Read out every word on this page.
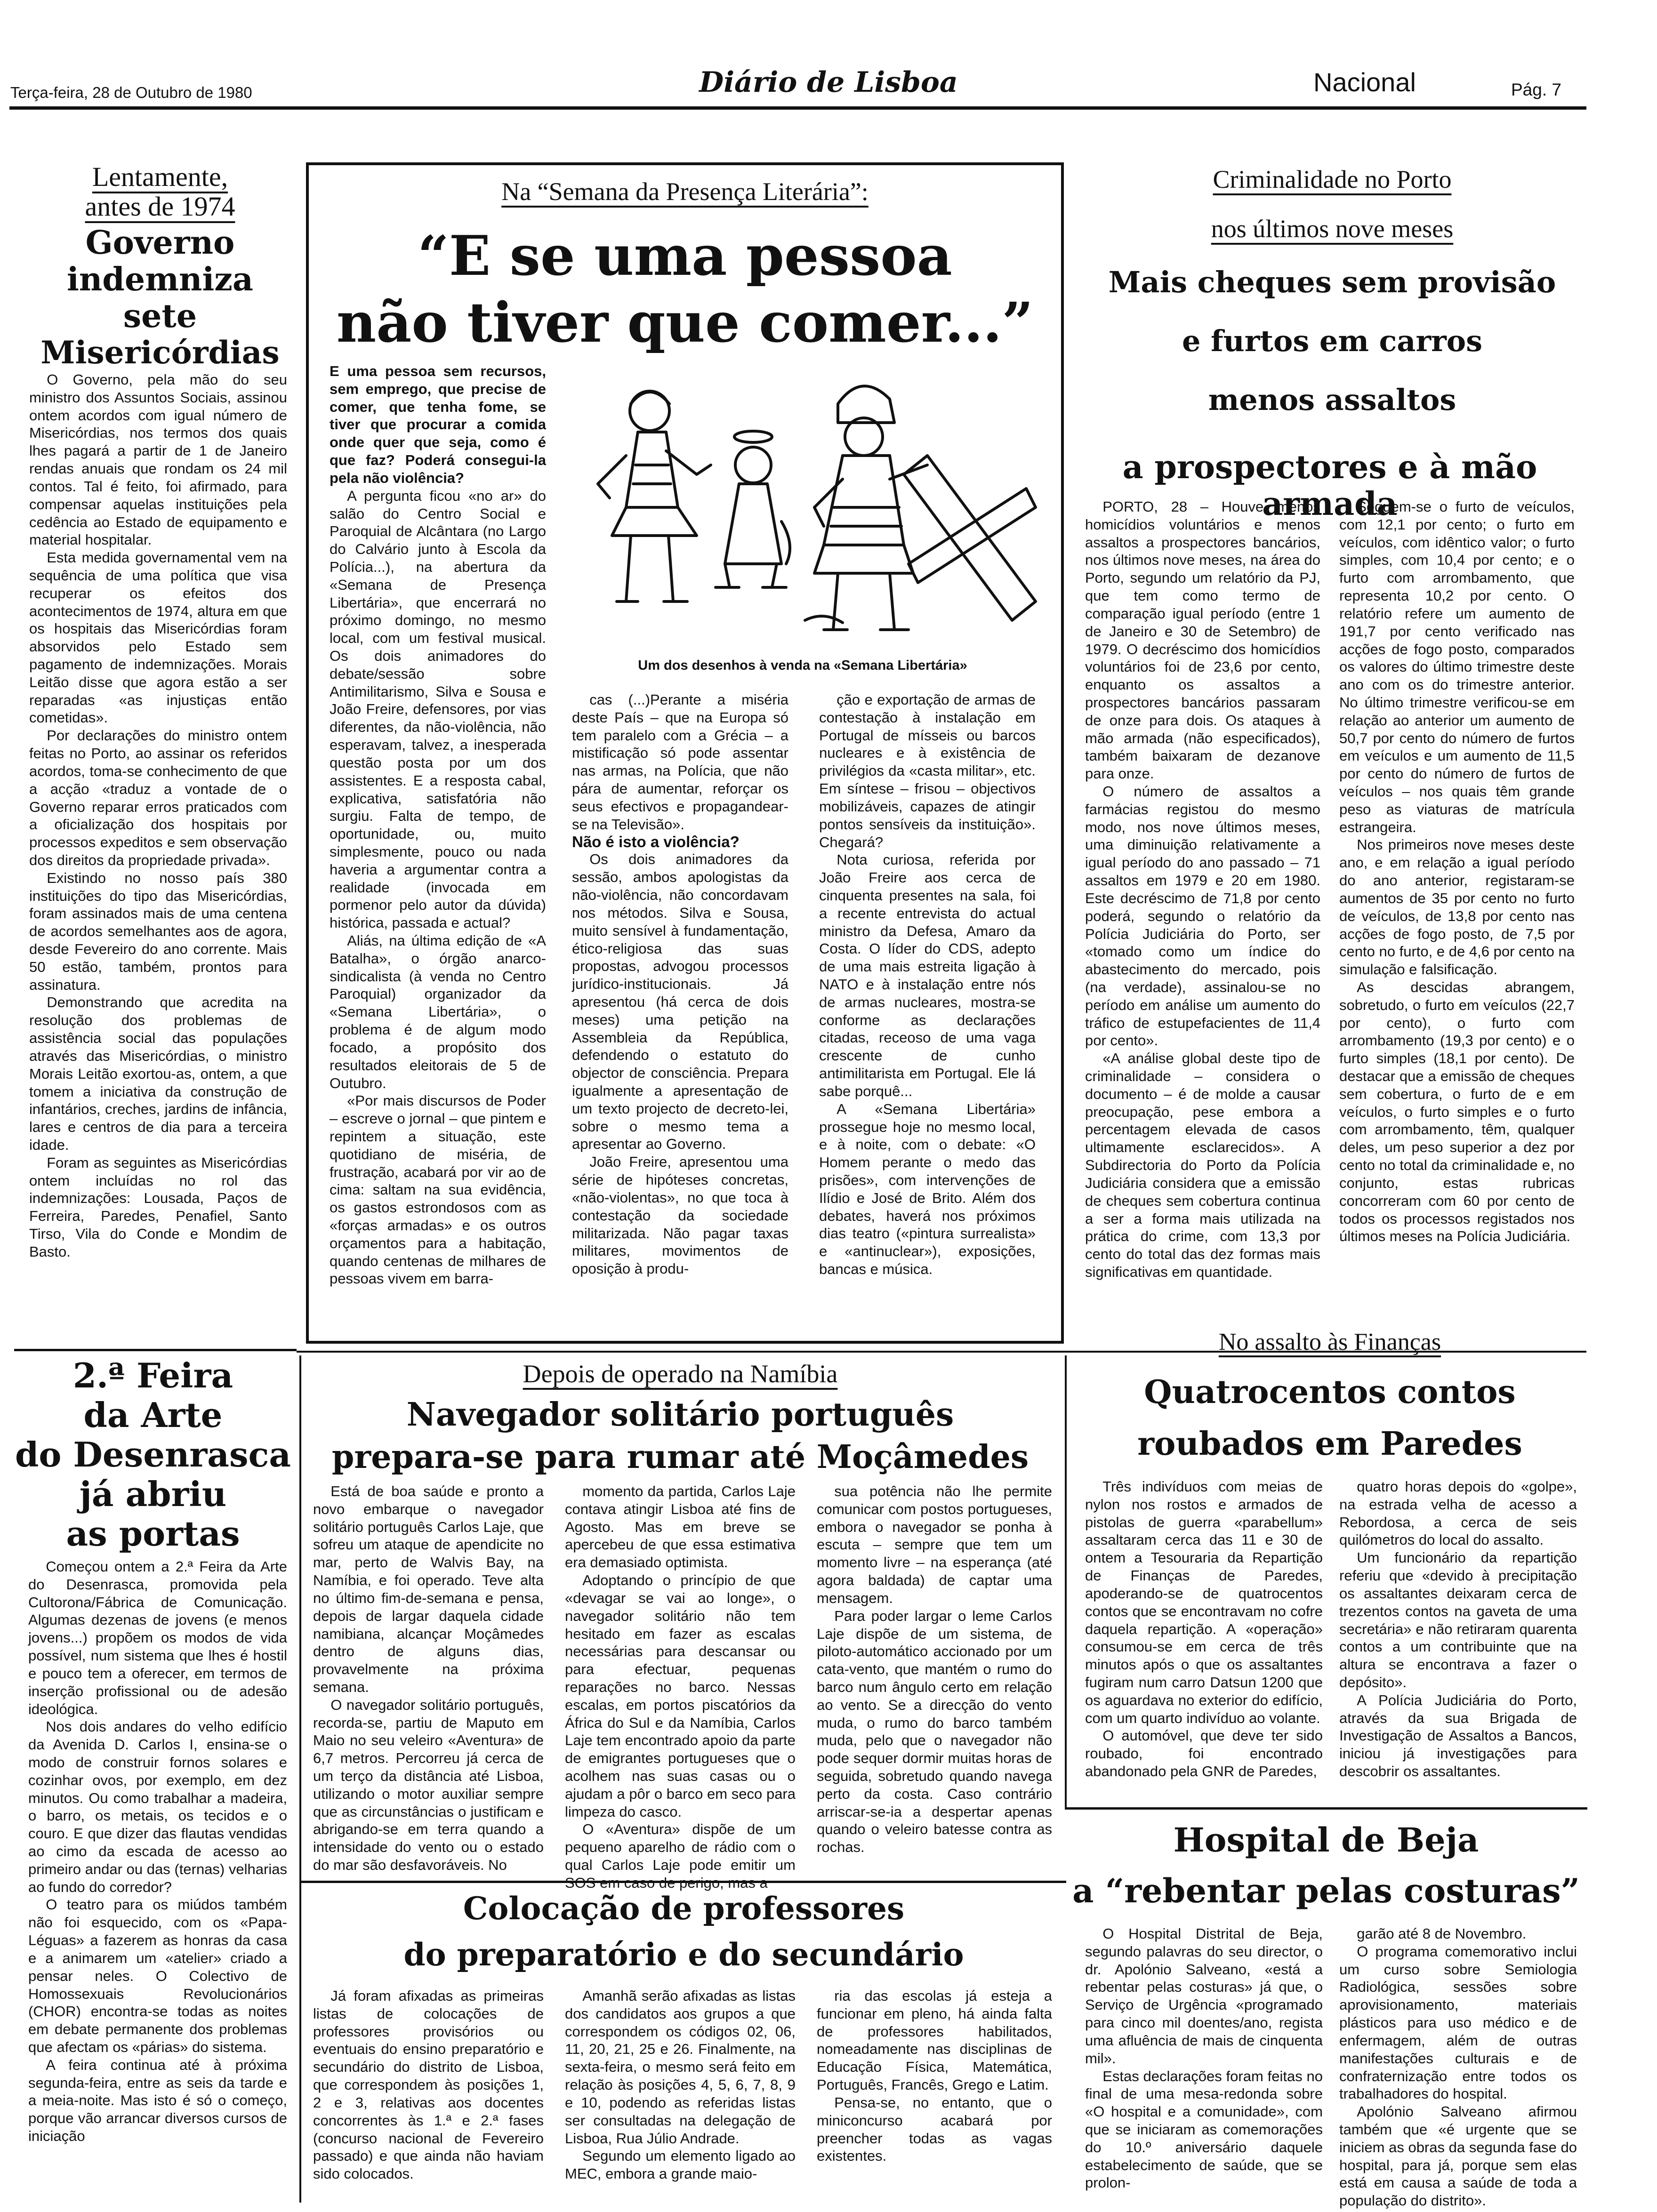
Terça-feira, 28 de Outubro de 1980	Diário de Lisboa	Nacional	Pág. 7
Lentamente,
antes de 1974
Governo
indemniza
sete
Misericórdias

O Governo, pela mão do seu ministro dos Assuntos Sociais, assinou ontem acordos com igual número de Misericórdias, nos termos dos quais lhes pagará a partir de 1 de Janeiro rendas anuais que rondam os 24 mil contos. Tal é feito, foi afirmado, para compensar aquelas instituições pela cedência ao Estado de equipamento e material hospitalar.

Esta medida governamental vem na sequência de uma política que visa recuperar os efeitos dos acontecimentos de 1974, altura em que os hospitais das Misericórdias foram absorvidos pelo Estado sem pagamento de indemnizações. Morais Leitão disse que agora estão a ser reparadas «as injustiças então cometidas».

Por declarações do ministro ontem feitas no Porto, ao assinar os referidos acordos, toma-se conhecimento de que a acção «traduz a vontade de o Governo reparar erros praticados com a oficialização dos hospitais por processos expeditos e sem observação dos direitos da propriedade privada».

Existindo no nosso país 380 instituições do tipo das Misericórdias, foram assinados mais de uma centena de acordos semelhantes aos de agora, desde Fevereiro do ano corrente. Mais 50 estão, também, prontos para assinatura.

Demonstrando que acredita na resolução dos problemas de assistência social das populações através das Misericórdias, o ministro Morais Leitão exortou-as, ontem, a que tomem a iniciativa da construção de infantários, creches, jardins de infância, lares e centros de dia para a terceira idade.

Foram as seguintes as Misericórdias ontem incluídas no rol das indemnizações: Lousada, Paços de Ferreira, Paredes, Penafiel, Santo Tirso, Vila do Conde e Mondim de Basto.

Na “Semana da Presença Literária”:
“E se uma pessoa
não tiver que comer...”

E uma pessoa sem recursos, sem emprego, que precise de comer, que tenha fome, se tiver que procurar a comida onde quer que seja, como é que faz? Poderá consegui-la pela não violência?

A pergunta ficou «no ar» do salão do Centro Social e Paroquial de Alcântara (no Largo do Calvário junto à Escola da Polícia...), na abertura da «Semana de Presença Libertária», que encerrará no próximo domingo, no mesmo local, com um festival musical. Os dois animadores do debate/sessão sobre Antimilitarismo, Silva e Sousa e João Freire, defensores, por vias diferentes, da não-violência, não esperavam, talvez, a inesperada questão posta por um dos assistentes. E a resposta cabal, explicativa, satisfatória não surgiu. Falta de tempo, de oportunidade, ou, muito simplesmente, pouco ou nada haveria a argumentar contra a realidade (invocada em pormenor pelo autor da dúvida) histórica, passada e actual?

Aliás, na última edição de «A Batalha», o órgão anarco-sindicalista (à venda no Centro Paroquial) organizador da «Semana Libertária», o problema é de algum modo focado, a propósito dos resultados eleitorais de 5 de Outubro.

«Por mais discursos de Poder – escreve o jornal – que pintem e repintem a situação, este quotidiano de miséria, de frustração, acabará por vir ao de cima: saltam na sua evidência, os gastos estrondosos com as «forças armadas» e os outros orçamentos para a habitação, quando centenas de milhares de pessoas vivem em barra-

Um dos desenhos à venda na «Semana Libertária»

cas (...)Perante a miséria deste País – que na Europa só tem paralelo com a Grécia – a mistificação só pode assentar nas armas, na Polícia, que não pára de aumentar, reforçar os seus efectivos e propagandear-se na Televisão».

Não é isto a violência?

Os dois animadores da sessão, ambos apologistas da não-violência, não concordavam nos métodos. Silva e Sousa, muito sensível à fundamentação, ético-religiosa das suas propostas, advogou processos jurídico-institucionais. Já apresentou (há cerca de dois meses) uma petição na Assembleia da República, defendendo o estatuto do objector de consciência. Prepara igualmente a apresentação de um texto projecto de decreto-lei, sobre o mesmo tema a apresentar ao Governo.

João Freire, apresentou uma série de hipóteses concretas, «não-violentas», no que toca à contestação da sociedade militarizada. Não pagar taxas militares, movimentos de oposição à produ-

ção e exportação de armas de contestação à instalação em Portugal de mísseis ou barcos nucleares e à existência de privilégios da «casta militar», etc. Em síntese – frisou – objectivos mobilizáveis, capazes de atingir pontos sensíveis da instituição». Chegará?

Nota curiosa, referida por João Freire aos cerca de cinquenta presentes na sala, foi a recente entrevista do actual ministro da Defesa, Amaro da Costa. O líder do CDS, adepto de uma mais estreita ligação à NATO e à instalação entre nós de armas nucleares, mostra-se conforme as declarações citadas, receoso de uma vaga crescente de cunho antimilitarista em Portugal. Ele lá sabe porquê...

A «Semana Libertária» prossegue hoje no mesmo local, e à noite, com o debate: «O Homem perante o medo das prisões», com intervenções de Ilídio e José de Brito. Além dos debates, haverá nos próximos dias teatro («pintura surrealista» e «antinuclear»), exposições, bancas e música.

Criminalidade no Porto
nos últimos nove meses
Mais cheques sem provisão
e furtos em carros
menos assaltos
a prospectores e à mão armada

PORTO, 28 – Houve menos homicídios voluntários e menos assaltos a prospectores bancários, nos últimos nove meses, na área do Porto, segundo um relatório da PJ, que tem como termo de comparação igual período (entre 1 de Janeiro e 30 de Setembro) de 1979. O decréscimo dos homicídios voluntários foi de 23,6 por cento, enquanto os assaltos a prospectores bancários passaram de onze para dois. Os ataques à mão armada (não especificados), também baixaram de dezanove para onze.

O número de assaltos a farmácias registou do mesmo modo, nos nove últimos meses, uma diminuição relativamente a igual período do ano passado – 71 assaltos em 1979 e 20 em 1980. Este decréscimo de 71,8 por cento poderá, segundo o relatório da Polícia Judiciária do Porto, ser «tomado como um índice do abastecimento do mercado, pois (na verdade), assinalou-se no período em análise um aumento do tráfico de estupefacientes de 11,4 por cento».

«A análise global deste tipo de criminalidade – considera o documento – é de molde a causar preocupação, pese embora a percentagem elevada de casos ultimamente esclarecidos». A Subdirectoria do Porto da Polícia Judiciária considera que a emissão de cheques sem cobertura continua a ser a forma mais utilizada na prática do crime, com 13,3 por cento do total das dez formas mais significativas em quantidade.

Seguem-se o furto de veículos, com 12,1 por cento; o furto em veículos, com idêntico valor; o furto simples, com 10,4 por cento; e o furto com arrombamento, que representa 10,2 por cento. O relatório refere um aumento de 191,7 por cento verificado nas acções de fogo posto, comparados os valores do último trimestre deste ano com os do trimestre anterior. No último trimestre verificou-se em relação ao anterior um aumento de 50,7 por cento do número de furtos em veículos e um aumento de 11,5 por cento do número de furtos de veículos – nos quais têm grande peso as viaturas de matrícula estrangeira.

Nos primeiros nove meses deste ano, e em relação a igual período do ano anterior, registaram-se aumentos de 35 por cento no furto de veículos, de 13,8 por cento nas acções de fogo posto, de 7,5 por cento no furto, e de 4,6 por cento na simulação e falsificação.

As descidas abrangem, sobretudo, o furto em veículos (22,7 por cento), o furto com arrombamento (19,3 por cento) e o furto simples (18,1 por cento). De destacar que a emissão de cheques sem cobertura, o furto de e em veículos, o furto simples e o furto com arrombamento, têm, qualquer deles, um peso superior a dez por cento no total da criminalidade e, no conjunto, estas rubricas concorreram com 60 por cento de todos os processos registados nos últimos meses na Polícia Judiciária.

2.ª Feira
da Arte
do Desenrasca
já abriu
as portas

Começou ontem a 2.ª Feira da Arte do Desenrasca, promovida pela Cultorona/Fábrica de Comunicação. Algumas dezenas de jovens (e menos jovens...) propõem os modos de vida possível, num sistema que lhes é hostil e pouco tem a oferecer, em termos de inserção profissional ou de adesão ideológica.

Nos dois andares do velho edifício da Avenida D. Carlos I, ensina-se o modo de construir fornos solares e cozinhar ovos, por exemplo, em dez minutos. Ou como trabalhar a madeira, o barro, os metais, os tecidos e o couro. E que dizer das flautas vendidas ao cimo da escada de acesso ao primeiro andar ou das (ternas) velharias ao fundo do corredor?

O teatro para os miúdos também não foi esquecido, com os «Papa-Léguas» a fazerem as honras da casa e a animarem um «atelier» criado a pensar neles. O Colectivo de Homossexuais Revolucionários (CHOR) encontra-se todas as noites em debate permanente dos problemas que afectam os «párias» do sistema.

A feira continua até à próxima segunda-feira, entre as seis da tarde e a meia-noite. Mas isto é só o começo, porque vão arrancar diversos cursos de iniciação

Depois de operado na Namíbia
Navegador solitário português
prepara-se para rumar até Moçâmedes

Está de boa saúde e pronto a novo embarque o navegador solitário português Carlos Laje, que sofreu um ataque de apendicite no mar, perto de Walvis Bay, na Namíbia, e foi operado. Teve alta no último fim-de-semana e pensa, depois de largar daquela cidade namibiana, alcançar Moçâmedes dentro de alguns dias, provavelmente na próxima semana.

O navegador solitário português, recorda-se, partiu de Maputo em Maio no seu veleiro «Aventura» de 6,7 metros. Percorreu já cerca de um terço da distância até Lisboa, utilizando o motor auxiliar sempre que as circunstâncias o justificam e abrigando-se em terra quando a intensidade do vento ou o estado do mar são desfavoráveis. No

momento da partida, Carlos Laje contava atingir Lisboa até fins de Agosto. Mas em breve se apercebeu de que essa estimativa era demasiado optimista.

Adoptando o princípio de que «devagar se vai ao longe», o navegador solitário não tem hesitado em fazer as escalas necessárias para descansar ou para efectuar, pequenas reparações no barco. Nessas escalas, em portos piscatórios da África do Sul e da Namíbia, Carlos Laje tem encontrado apoio da parte de emigrantes portugueses que o acolhem nas suas casas ou o ajudam a pôr o barco em seco para limpeza do casco.

O «Aventura» dispõe de um pequeno aparelho de rádio com o qual Carlos Laje pode emitir um

sua potência não lhe permite comunicar com postos portugueses, embora o navegador se ponha à escuta – sempre que tem um momento livre – na esperança (até agora baldada) de captar uma mensagem.

Para poder largar o leme Carlos Laje dispõe de um sistema, de piloto-automático accionado por um cata-vento, que mantém o rumo do barco num ângulo certo em relação ao vento. Se a direcção do vento muda, o rumo do barco também muda, pelo que o navegador não pode sequer dormir muitas horas de seguida, sobretudo quando navega perto da costa. Caso contrário arriscar-se-ia a despertar apenas quando o veleiro batesse contra as rochas.

No assalto às Finanças
Quatrocentos contos
roubados em Paredes

Três indivíduos com meias de nylon nos rostos e armados de pistolas de guerra «parabellum» assaltaram cerca das 11 e 30 de ontem a Tesouraria da Repartição de Finanças de Paredes, apoderando-se de quatrocentos contos que se encontravam no cofre daquela repartição. A «operação» consumou-se em cerca de três minutos após o que os assaltantes fugiram num carro Datsun 1200 que os aguardava no exterior do edifício, com um quarto indivíduo ao volante.

O automóvel, que deve ter sido roubado, foi encontrado abandonado pela GNR de Paredes,

quatro horas depois do «golpe», na estrada velha de acesso a Rebordosa, a cerca de seis quilómetros do local do assalto.

Um funcionário da repartição referiu que «devido à precipitação os assaltantes deixaram cerca de trezentos contos na gaveta de uma secretária» e não retiraram quarenta contos a um contribuinte que na altura se encontrava a fazer o depósito».

A Polícia Judiciária do Porto, através da sua Brigada de Investigação de Assaltos a Bancos, iniciou já investigações para descobrir os assaltantes.

Colocação de professores
do preparatório e do secundário

Já foram afixadas as primeiras listas de colocações de professores provisórios ou eventuais do ensino preparatório e secundário do distrito de Lisboa, que correspondem às posições 1, 2 e 3, relativas aos docentes concorrentes às 1.ª e 2.ª fases (concurso nacional de Fevereiro passado) e que ainda não haviam sido colocados.

Amanhã serão afixadas as listas dos candidatos aos grupos a que correspondem os códigos 02, 06, 11, 20, 21, 25 e 26. Finalmente, na sexta-feira, o mesmo será feito em relação às posições 4, 5, 6, 7, 8, 9 e 10, podendo as referidas listas ser consultadas na delegação de Lisboa, Rua Júlio Andrade.

Segundo um elemento ligado ao MEC, embora a grande maio-

ria das escolas já esteja a funcionar em pleno, há ainda falta de professores habilitados, nomeadamente nas disciplinas de Educação Física, Matemática, Português, Francês, Grego e Latim.

Pensa-se, no entanto, que o miniconcurso acabará por preencher todas as vagas existentes.

Hospital de Beja
a “rebentar pelas costuras”

O Hospital Distrital de Beja, segundo palavras do seu director, o dr. Apolónio Salveano, «está a rebentar pelas costuras» já que, o Serviço de Urgência «programado para cinco mil doentes/ano, regista uma afluência de mais de cinquenta mil».

Estas declarações foram feitas no final de uma mesa-redonda sobre «O hospital e a comunidade», com que se iniciaram as comemorações do 10.º aniversário daquele estabelecimento de saúde, que se prolon-

garão até 8 de Novembro.

O programa comemorativo inclui um curso sobre Semiologia Radiológica, sessões sobre aprovisionamento, materiais plásticos para uso médico e de enfermagem, além de outras manifestações culturais e de confraternização entre todos os trabalhadores do hospital.

Apolónio Salveano afirmou também que «é urgente que se iniciem as obras da segunda fase do hospital, para já, porque sem elas está em causa a saúde de toda a população do distrito».
